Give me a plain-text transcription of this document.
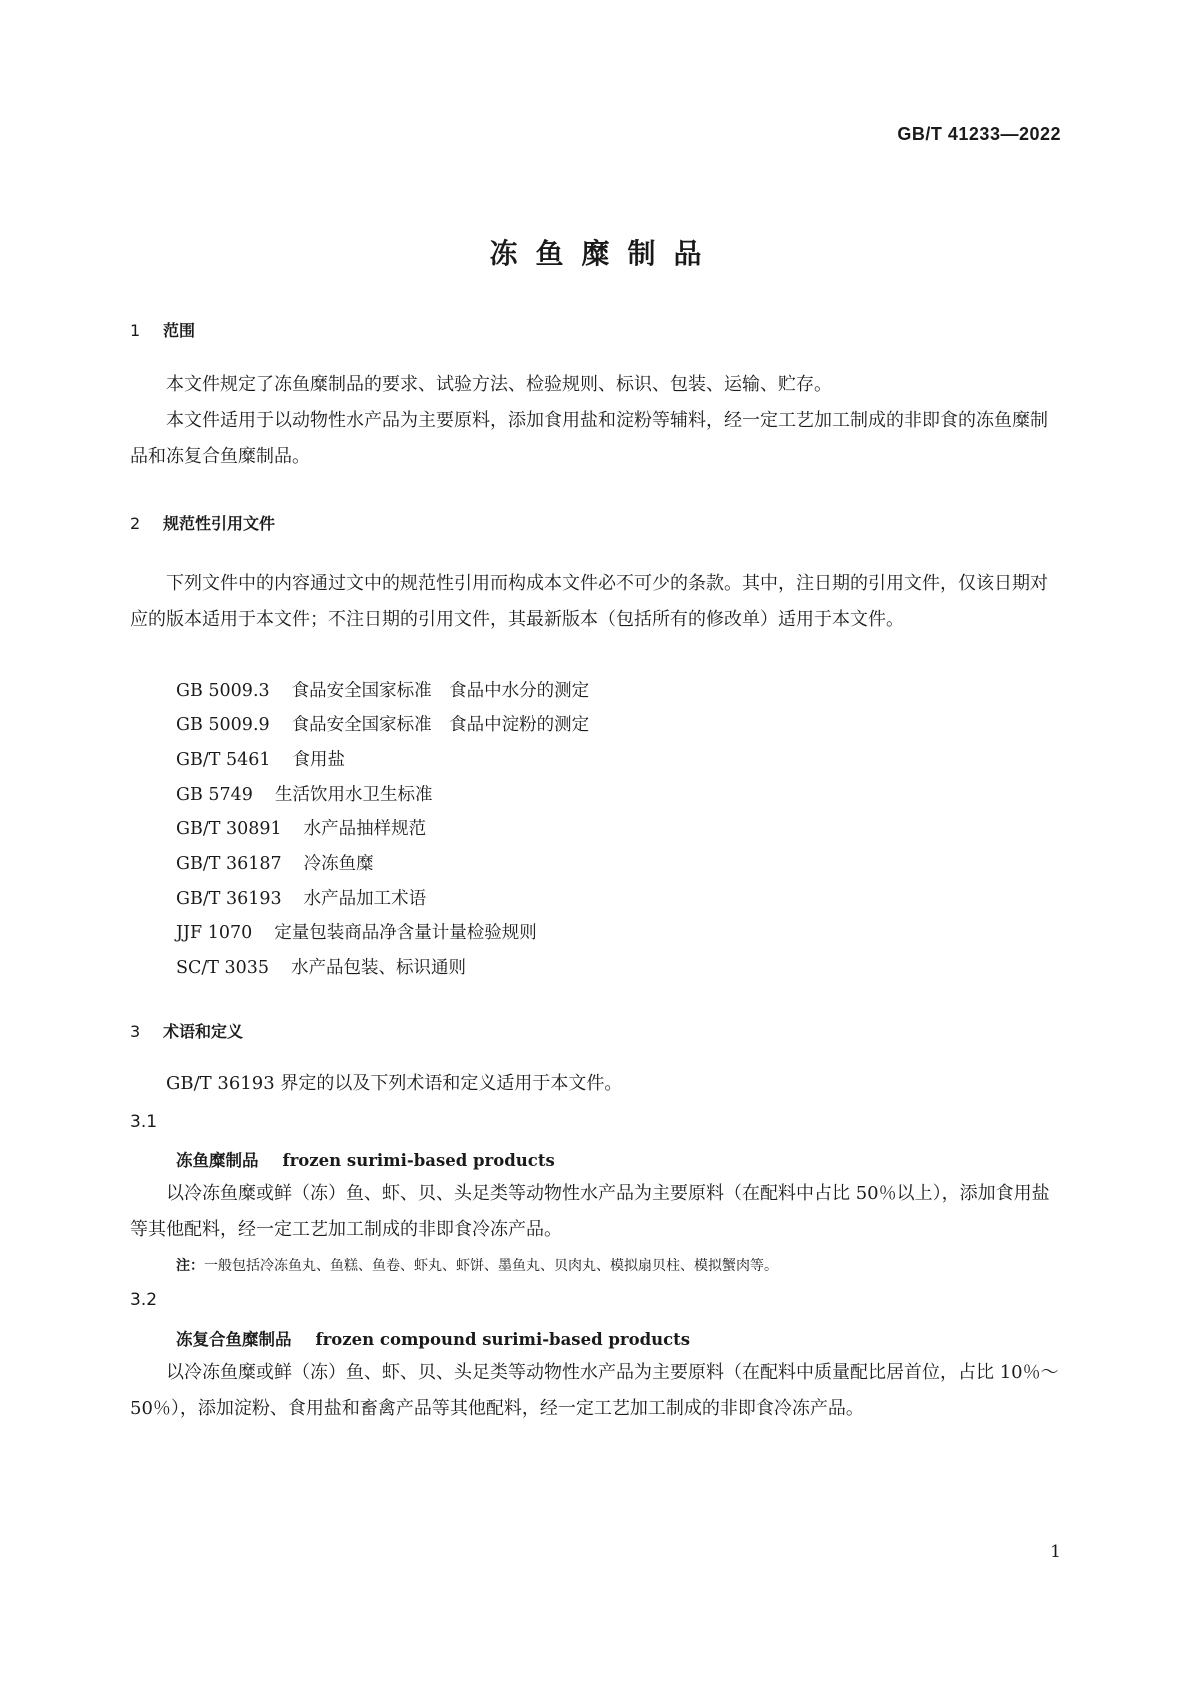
GB/T 41233—2022
冻鱼糜制品
1 范围
本文件规定了冻鱼糜制品的要求、试验方法、检验规则、标识、包装、运输、贮存。
本文件适用于以动物性水产品为主要原料，添加食用盐和淀粉等辅料，经一定工艺加工制成的非即食的冻鱼糜制品和冻复合鱼糜制品。
2 规范性引用文件
下列文件中的内容通过文中的规范性引用而构成本文件必不可少的条款。其中，注日期的引用文件，仅该日期对应的版本适用于本文件；不注日期的引用文件，其最新版本（包括所有的修改单）适用于本文件。
GB 5009.3 食品安全国家标准　食品中水分的测定
GB 5009.9 食品安全国家标准　食品中淀粉的测定
GB/T 5461 食用盐
GB 5749 生活饮用水卫生标准
GB/T 30891 水产品抽样规范
GB/T 36187 冷冻鱼糜
GB/T 36193 水产品加工术语
JJF 1070 定量包装商品净含量计量检验规则
SC/T 3035 水产品包装、标识通则
3 术语和定义
GB/T 36193 界定的以及下列术语和定义适用于本文件。
3.1
冻鱼糜制品 frozen surimi-based products
以冷冻鱼糜或鲜（冻）鱼、虾、贝、头足类等动物性水产品为主要原料（在配料中占比 50％以上），添加食用盐等其他配料，经一定工艺加工制成的非即食冷冻产品。
注：一般包括冷冻鱼丸、鱼糕、鱼卷、虾丸、虾饼、墨鱼丸、贝肉丸、模拟扇贝柱、模拟蟹肉等。
3.2
冻复合鱼糜制品 frozen compound surimi-based products
以冷冻鱼糜或鲜（冻）鱼、虾、贝、头足类等动物性水产品为主要原料（在配料中质量配比居首位，占比 10％～50％），添加淀粉、食用盐和畜禽产品等其他配料，经一定工艺加工制成的非即食冷冻产品。
1
